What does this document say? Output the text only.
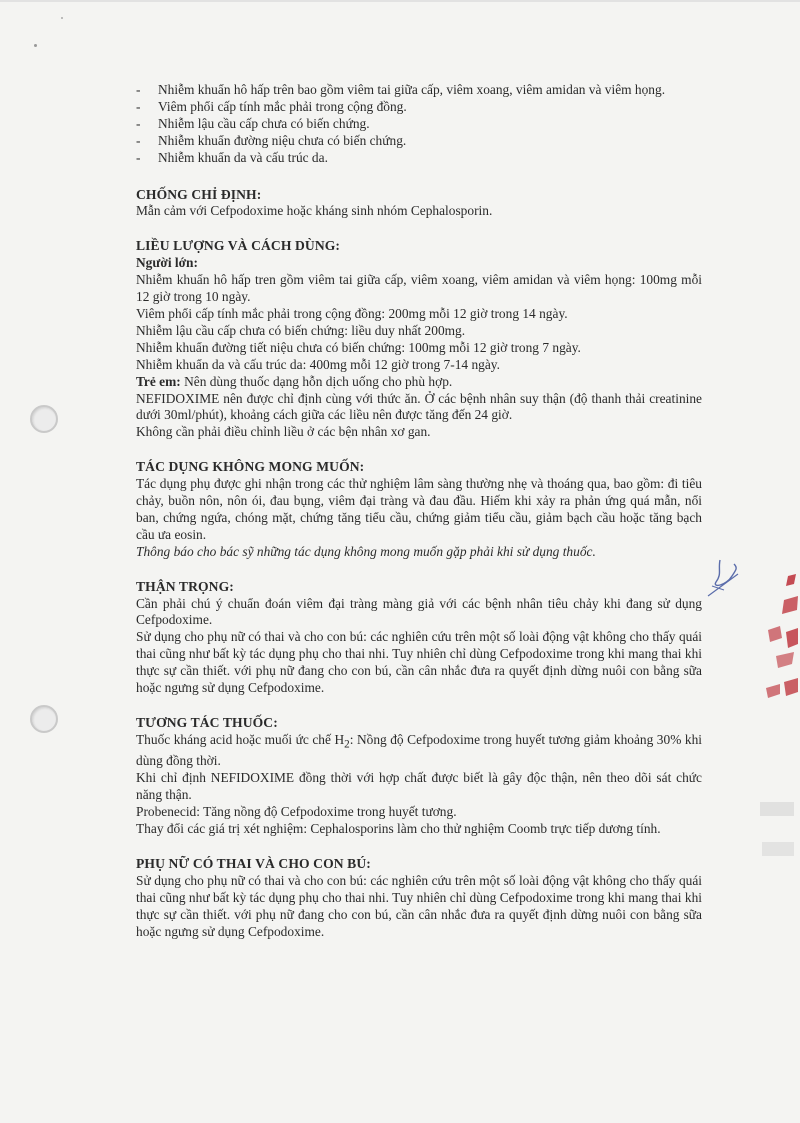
- Nhiễm khuẩn hô hấp trên bao gồm viêm tai giữa cấp, viêm xoang, viêm amidan và viêm họng.
- Viêm phổi cấp tính mắc phải trong cộng đồng.
- Nhiễm lậu cầu cấp chưa có biến chứng.
- Nhiễm khuẩn đường niệu chưa có biến chứng.
- Nhiễm khuẩn da và cấu trúc da.
CHỐNG CHỈ ĐỊNH:

Mẫn cảm với Cefpodoxime hoặc kháng sinh nhóm Cephalosporin.

LIỀU LƯỢNG VÀ CÁCH DÙNG:

Người lớn:

Nhiễm khuẩn hô hấp tren gồm viêm tai giữa cấp, viêm xoang, viêm amidan và viêm họng: 100mg mỗi 12 giờ trong 10 ngày.

Viêm phổi cấp tính mắc phải trong cộng đồng: 200mg mỗi 12 giờ trong 14 ngày.

Nhiễm lậu cầu cấp chưa có biến chứng: liều duy nhất 200mg.

Nhiễm khuẩn đường tiết niệu chưa có biến chứng: 100mg mỗi 12 giờ trong 7 ngày.

Nhiễm khuẩn da và cấu trúc da: 400mg mỗi 12 giờ trong 7-14 ngày.

Trẻ em: Nên dùng thuốc dạng hỗn dịch uống cho phù hợp.

NEFIDOXIME nên được chỉ định cùng với thức ăn. Ở các bệnh nhân suy thận (độ thanh thải creatinine dưới 30ml/phút), khoảng cách giữa các liều nên được tăng đến 24 giờ.

Không cần phải điều chỉnh liều ở các bện nhân xơ gan.

TÁC DỤNG KHÔNG MONG MUỐN:

Tác dụng phụ được ghi nhận trong các thử nghiệm lâm sàng thường nhẹ và thoáng qua, bao gồm: đi tiêu chảy, buồn nôn, nôn ói, đau bụng, viêm đại tràng và đau đầu. Hiếm khi xảy ra phản ứng quá mẫn, nổi ban, chứng ngứa, chóng mặt, chứng tăng tiểu cầu, chứng giảm tiểu cầu, giảm bạch cầu hoặc tăng bạch cầu ưa eosin.

Thông báo cho bác sỹ những tác dụng không mong muốn gặp phải khi sử dụng thuốc.

THẬN TRỌNG:

Cần phải chú ý chuẩn đoán viêm đại tràng màng giả với các bệnh nhân tiêu chảy khi đang sử dụng Cefpodoxime.

Sử dụng cho phụ nữ có thai và cho con bú: các nghiên cứu trên một số loài động vật không cho thấy quái thai cũng như bất kỳ tác dụng phụ cho thai nhi. Tuy nhiên chỉ dùng Cefpodoxime trong khi mang thai khi thực sự cần thiết. với phụ nữ đang cho con bú, cần cân nhắc đưa ra quyết định dừng nuôi con bằng sữa hoặc ngưng sử dụng Cefpodoxime.

TƯƠNG TÁC THUỐC:

Thuốc kháng acid hoặc muối ức chế $H_2$: Nồng độ Cefpodoxime trong huyết tương giảm khoảng 30% khi dùng đồng thời.

Khi chỉ định NEFIDOXIME đồng thời với hợp chất được biết là gây độc thận, nên theo dõi sát chức năng thận.

Probenecid: Tăng nồng độ Cefpodoxime trong huyết tương.

Thay đổi các giá trị xét nghiệm: Cephalosporins làm cho thử nghiệm Coomb trực tiếp dương tính.

PHỤ NỮ CÓ THAI VÀ CHO CON BÚ:

Sử dụng cho phụ nữ có thai và cho con bú: các nghiên cứu trên một số loài động vật không cho thấy quái thai cũng như bất kỳ tác dụng phụ cho thai nhi. Tuy nhiên chỉ dùng Cefpodoxime trong khi mang thai khi thực sự cần thiết. với phụ nữ đang cho con bú, cần cân nhắc đưa ra quyết định dừng nuôi con bằng sữa hoặc ngưng sử dụng Cefpodoxime.
